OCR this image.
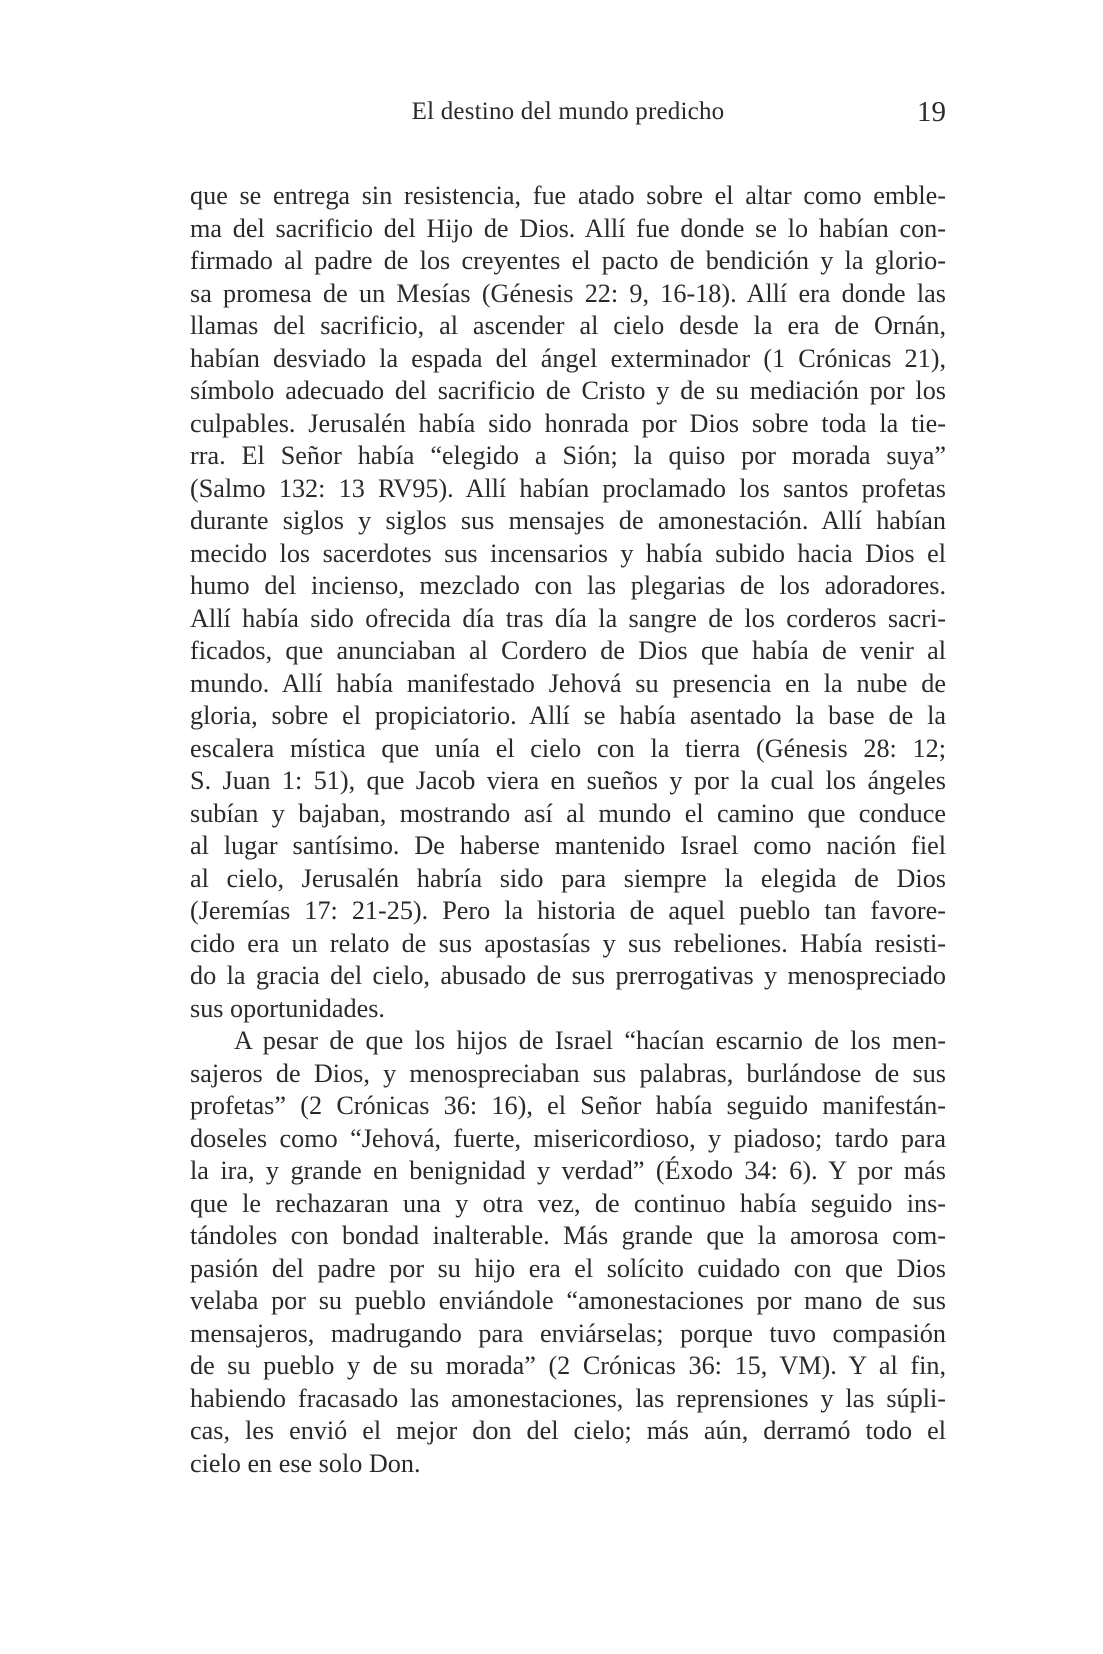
El destino del mundo predicho	19
que se entrega sin resistencia, fue atado sobre el altar como emble-
ma del sacrificio del Hijo de Dios. Allí fue donde se lo habían con-
firmado al padre de los creyentes el pacto de bendición y la glorio-
sa promesa de un Mesías (Génesis 22: 9, 16-18). Allí era donde las
llamas del sacrificio, al ascender al cielo desde la era de Ornán,
habían desviado la espada del ángel exterminador (1 Crónicas 21),
símbolo adecuado del sacrificio de Cristo y de su mediación por los
culpables. Jerusalén había sido honrada por Dios sobre toda la tie-
rra. El Señor había “elegido a Sión; la quiso por morada suya”
(Salmo 132: 13 RV95). Allí habían proclamado los santos profetas
durante siglos y siglos sus mensajes de amonestación. Allí habían
mecido los sacerdotes sus incensarios y había subido hacia Dios el
humo del incienso, mezclado con las plegarias de los adoradores.
Allí había sido ofrecida día tras día la sangre de los corderos sacri-
ficados, que anunciaban al Cordero de Dios que había de venir al
mundo. Allí había manifestado Jehová su presencia en la nube de
gloria, sobre el propiciatorio. Allí se había asentado la base de la
escalera mística que unía el cielo con la tierra (Génesis 28: 12;
S. Juan 1: 51), que Jacob viera en sueños y por la cual los ángeles
subían y bajaban, mostrando así al mundo el camino que conduce
al lugar santísimo. De haberse mantenido Israel como nación fiel
al cielo, Jerusalén habría sido para siempre la elegida de Dios
(Jeremías 17: 21-25). Pero la historia de aquel pueblo tan favore-
cido era un relato de sus apostasías y sus rebeliones. Había resisti-
do la gracia del cielo, abusado de sus prerrogativas y menospreciado
sus oportunidades.
A pesar de que los hijos de Israel “hacían escarnio de los men-
sajeros de Dios, y menospreciaban sus palabras, burlándose de sus
profetas” (2 Crónicas 36: 16), el Señor había seguido manifestán-
doseles como “Jehová, fuerte, misericordioso, y piadoso; tardo para
la ira, y grande en benignidad y verdad” (Éxodo 34: 6). Y por más
que le rechazaran una y otra vez, de continuo había seguido ins-
tándoles con bondad inalterable. Más grande que la amorosa com-
pasión del padre por su hijo era el solícito cuidado con que Dios
velaba por su pueblo enviándole “amonestaciones por mano de sus
mensajeros, madrugando para enviárselas; porque tuvo compasión
de su pueblo y de su morada” (2 Crónicas 36: 15, VM). Y al fin,
habiendo fracasado las amonestaciones, las reprensiones y las súpli-
cas, les envió el mejor don del cielo; más aún, derramó todo el
cielo en ese solo Don.
